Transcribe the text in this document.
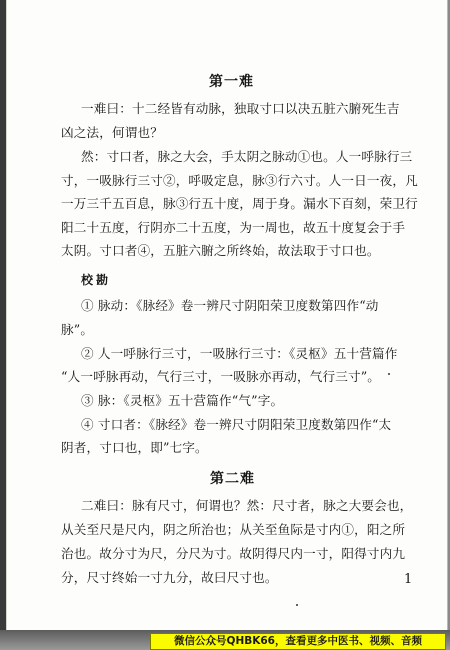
第一难
一难曰：十二经皆有动脉，独取寸口以决五脏六腑死生吉
凶之法，何谓也？
然：寸口者，脉之大会，手太阴之脉动①也。人一呼脉行三
寸，一吸脉行三寸②，呼吸定息，脉③行六寸。人一日一夜，凡
一万三千五百息，脉③行五十度，周于身。漏水下百刻，荣卫行
阳二十五度，行阴亦二十五度，为一周也，故五十度复会于手
太阴。寸口者④，五脏六腑之所终始，故法取于寸口也。
校勘
① 脉动：《脉经》卷一辨尺寸阴阳荣卫度数第四作“动
脉”。
② 人一呼脉行三寸，一吸脉行三寸：《灵枢》五十营篇作
“人一呼脉再动，气行三寸，一吸脉亦再动，气行三寸”。
③ 脉：《灵枢》五十营篇作“气”字。
④ 寸口者：《脉经》卷一辨尺寸阴阳荣卫度数第四作“太
阴者，寸口也，即”七字。
第二难
二难曰：脉有尺寸，何谓也？然：尺寸者，脉之大要会也，
从关至尺是尺内，阴之所治也；从关至鱼际是寸内①，阳之所
治也。故分寸为尺，分尺为寸。故阴得尺内一寸，阳得寸内九
分，尺寸终始一寸九分，故曰尺寸也。	1
微信公众号QHBK66，查看更多中医书、视频、音频
